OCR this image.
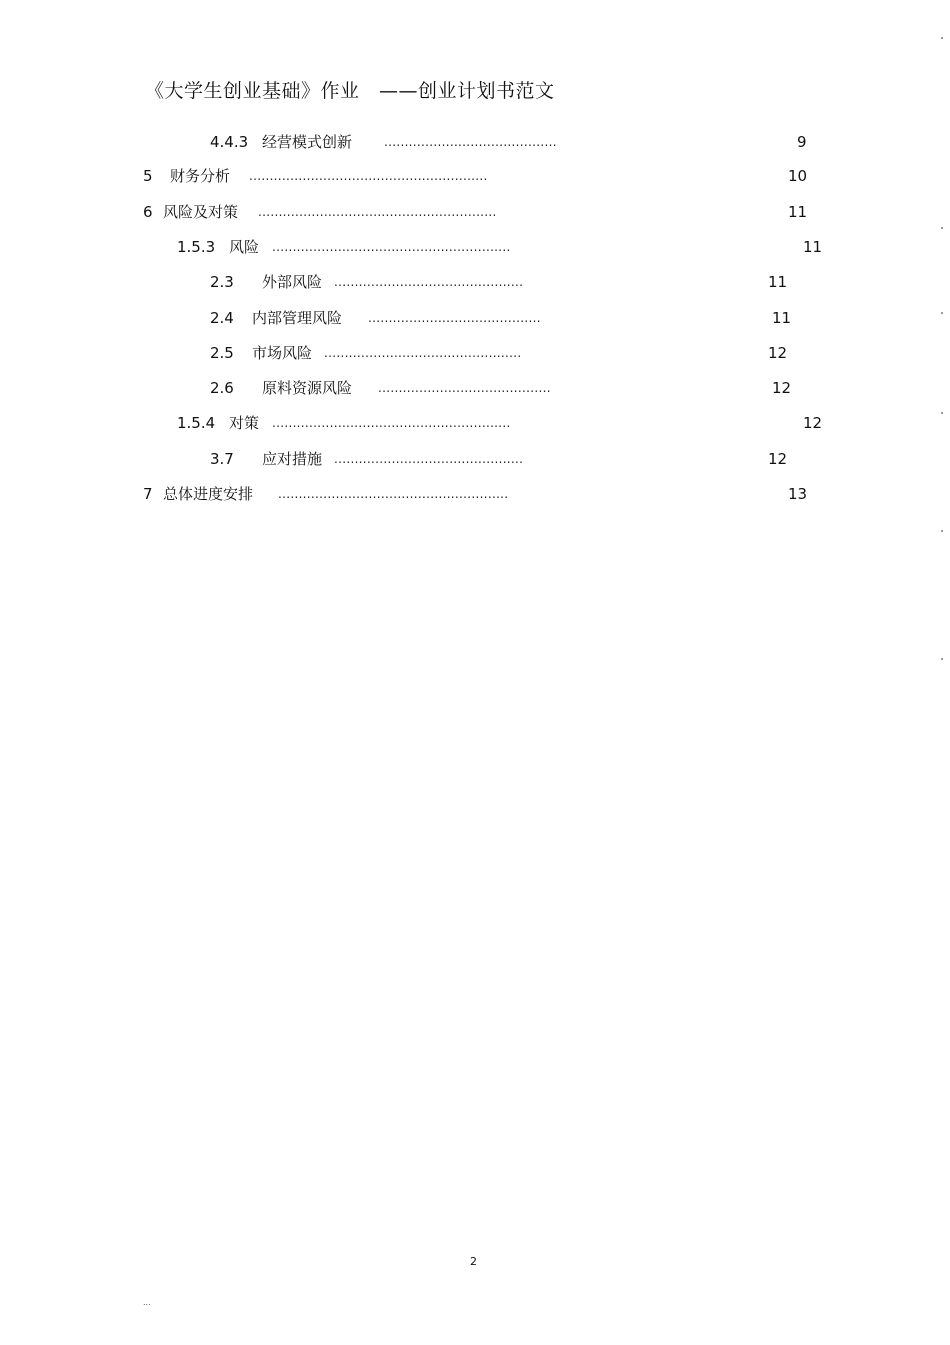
《大学生创业基础》作业　——创业计划书范文
4.4.3 经营模式创新	..........................................	9
5 财务分析 ..........................................................	10
6 风险及对策 ..........................................................	11
1.5.3 风险 ..........................................................	11
2.3 外部风险 ..............................................	11
2.4 内部管理风险 ..........................................	11
2.5 市场风险 ................................................	12
2.6 原料资源风险 ..........................................	12
1.5.4 对策 ..........................................................	12
3.7 应对措施 ..............................................	12
7 总体进度安排 ........................................................	13
2
...
